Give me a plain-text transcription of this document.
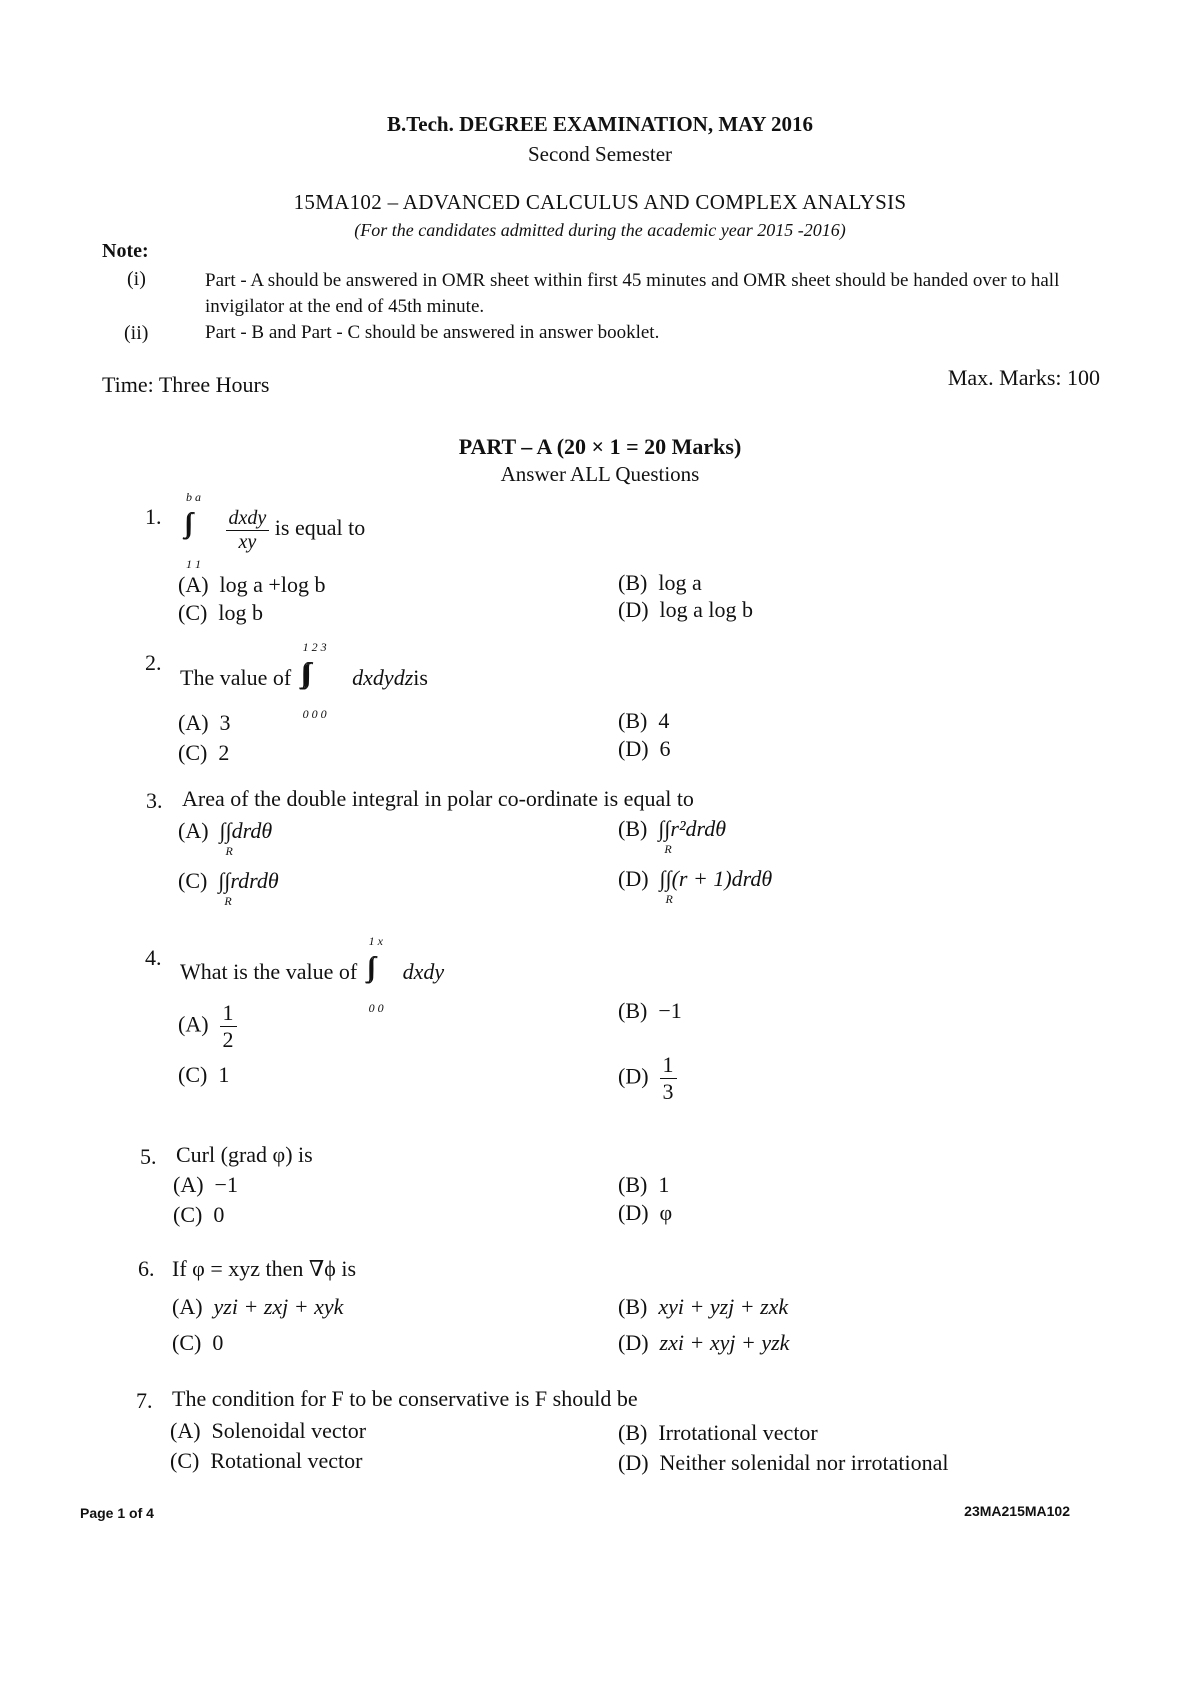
B.Tech. DEGREE EXAMINATION, MAY 2016
Second Semester
15MA102 – ADVANCED CALCULUS AND COMPLEX ANALYSIS
(For the candidates admitted during the academic year 2015 -2016)
Note:
(i)	Part - A should be answered in OMR sheet within first 45 minutes and OMR sheet should be handed over to hall invigilator at the end of 45th minute.
(ii)	Part - B and Part - C should be answered in answer booklet.
Time: Three Hours	Max. Marks: 100
PART – A (20 × 1 = 20 Marks)
Answer ALL Questions
1.
b a
∫∫
1 1

$\frac{\text{dxdy}}{xy}$ is equal to
(A) log a +log b	(B) log a
(C) log b	(D) log a log b
2.
The value of
1 2 3
∫∫∫
0 0 0
dxdydzis
(A) 3	(B) 4
(C) 2	(D) 6
3. Area of the double integral in polar co-ordinate is equal to
(A) ∫∫drdθ
R
(B) ∫∫r²drdθ
R
(C) ∫∫rdrdθ
R
(D) ∫∫(r + 1)drdθ
R
4.
What is the value of
1 x
∫∫
0 0
dxdy
$(A) \frac{1}{2}$	(B) −1
(C) 1	$(D) \frac{1}{3}$
5. Curl (grad φ) is
(A) −1	(B) 1
(C) 0	(D) φ
6. If φ = xyz then ∇ϕ is
(A) yzi + zxj + xyk	(B) xyi + yzj + zxk
(C) 0	(D) zxi + xyj + yzk
7. The condition for F to be conservative is F should be
(A) Solenoidal vector	(B) Irrotational vector
(C) Rotational vector	(D) Neither solenidal nor irrotational
Page 1 of 4	23MA215MA102
